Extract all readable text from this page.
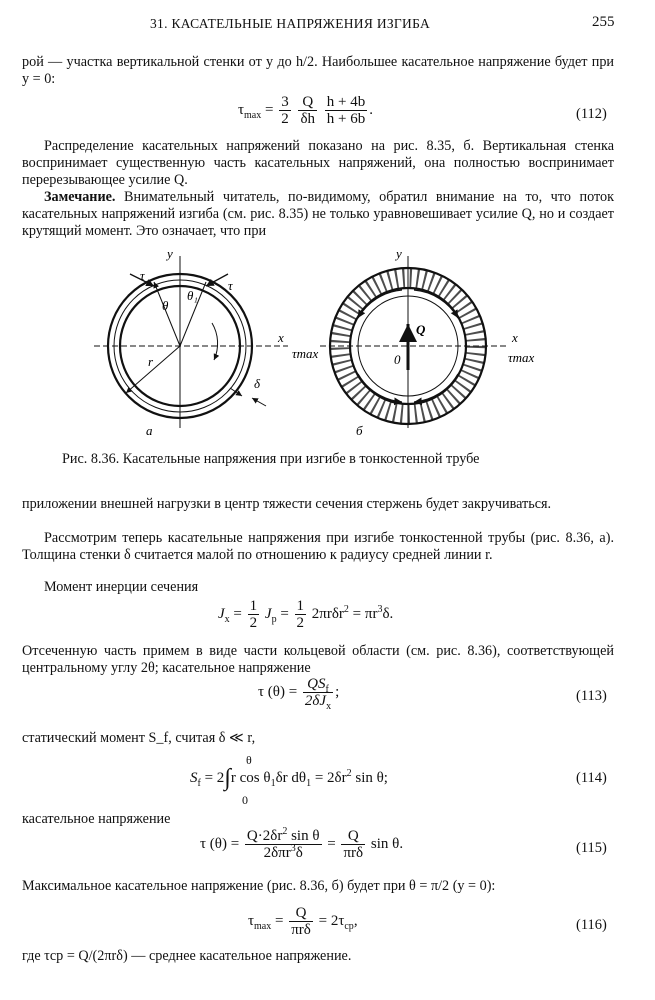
31. КАСАТЕЛЬНЫЕ НАПРЯЖЕНИЯ ИЗГИБА	255
рой — участка вертикальной стенки от y до h/2. Наибольшее касательное напряжение будет при y = 0:
$\tau_{max} = \frac{3}{2}$
$\frac{Q}{\delta h}$
$\frac{h + 4b}{h + 6b}$ .	(112)
Распределение касательных напряжений показано на рис. 8.35, б. Вертикальная стенка воспринимает существенную часть касательных напряжений, она полностью воспринимает перерезывающее усилие Q.
Замечание. Внимательный читатель, по-видимому, обратил внимание на то, что поток касательных напряжений изгиба (см. рис. 8.35) не только уравновешивает усилие Q, но и создает крутящий момент. Это означает, что при
y
x
τ
τ
θ
θ₁
r
δ
а
y
x
Q
0
τmax	τmax
б
Рис. 8.36. Касательные напряжения при изгибе в тонкостенной трубе
приложении внешней нагрузки в центр тяжести сечения стержень будет закручиваться.
Рассмотрим теперь касательные напряжения при изгибе тонкостенной трубы (рис. 8.36, а). Толщина стенки δ считается малой по отношению к радиусу средней линии r.
Момент инерции сечения
$J_x = \frac{1}{2} J_p = \frac{1}{2} 2\pi r\delta r^2 = \pi r^3\delta$.
Отсеченную часть примем в виде части кольцевой области (см. рис. 8.36), соответствующей центральному углу 2θ; касательное напряжение
τ $(\theta) = \frac{QS_f}{2\delta J_x}$ ;	(113)
статический момент S_f, считая δ ≪ r,
$S_f = 2\int r$ $\cos \theta_1\delta r$ $d\theta_1 = 2\delta r^2$ sin θ;
θ
0
(114)
касательное напряжение
τ $(\theta) = \frac{Q\cdot 2\delta r^2 \sin \theta}{2\delta\pi r^3\delta} = \frac{Q}{\text{πrδ}}$ sin θ.	(115)
Максимальное касательное напряжение (рис. 8.36, б) будет при θ = π/2 (y = 0):
$\tau_{max} = \frac{Q}{\text{πrδ}} = 2\tau_{ср}$,	(116)
где τср = Q/(2πrδ) — среднее касательное напряжение.
